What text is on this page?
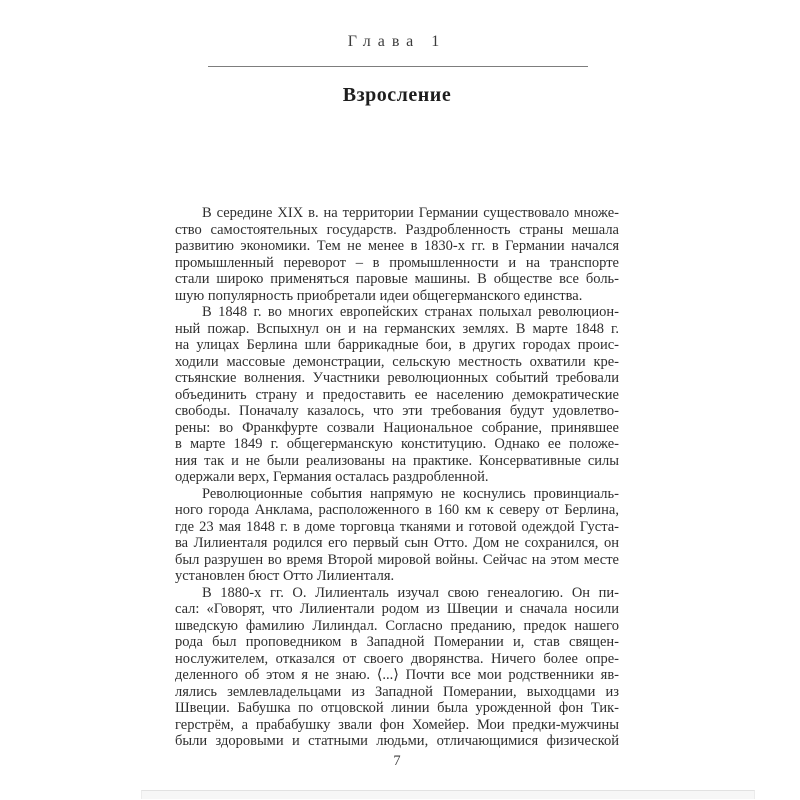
Глава 1
Взросление
В середине XIX в. на территории Германии существовало множе-
ство самостоятельных государств. Раздробленность страны мешала
развитию экономики. Тем не менее в 1830-х гг. в Германии начался
промышленный переворот – в промышленности и на транспорте
стали широко применяться паровые машины. В обществе все боль-
шую популярность приобретали идеи общегерманского единства.
В 1848 г. во многих европейских странах полыхал революцион-
ный пожар. Вспыхнул он и на германских землях. В марте 1848 г.
на улицах Берлина шли баррикадные бои, в других городах проис-
ходили массовые демонстрации, сельскую местность охватили кре-
стьянские волнения. Участники революционных событий требовали
объединить страну и предоставить ее населению демократические
свободы. Поначалу казалось, что эти требования будут удовлетво-
рены: во Франкфурте созвали Национальное собрание, принявшее
в марте 1849 г. общегерманскую конституцию. Однако ее положе-
ния так и не были реализованы на практике. Консервативные силы
одержали верх, Германия осталась раздробленной.
Революционные события напрямую не коснулись провинциаль-
ного города Анклама, расположенного в 160 км к северу от Берлина,
где 23 мая 1848 г. в доме торговца тканями и готовой одеждой Густа-
ва Лилиенталя родился его первый сын Отто. Дом не сохранился, он
был разрушен во время Второй мировой войны. Сейчас на этом месте
установлен бюст Отто Лилиенталя.
В 1880-х гг. О. Лилиенталь изучал свою генеалогию. Он пи-
сал: «Говорят, что Лилиентали родом из Швеции и сначала носили
шведскую фамилию Лилиндал. Согласно преданию, предок нашего
рода был проповедником в Западной Померании и, став священ-
нослужителем, отказался от своего дворянства. Ничего более опре-
деленного об этом я не знаю. ⟨...⟩ Почти все мои родственники яв-
лялись землевладельцами из Западной Померании, выходцами из
Швеции. Бабушка по отцовской линии была урожденной фон Тик-
герстрём, а прабабушку звали фон Хомейер. Мои предки-мужчины
были здоровыми и статными людьми, отличающимися физической
7
